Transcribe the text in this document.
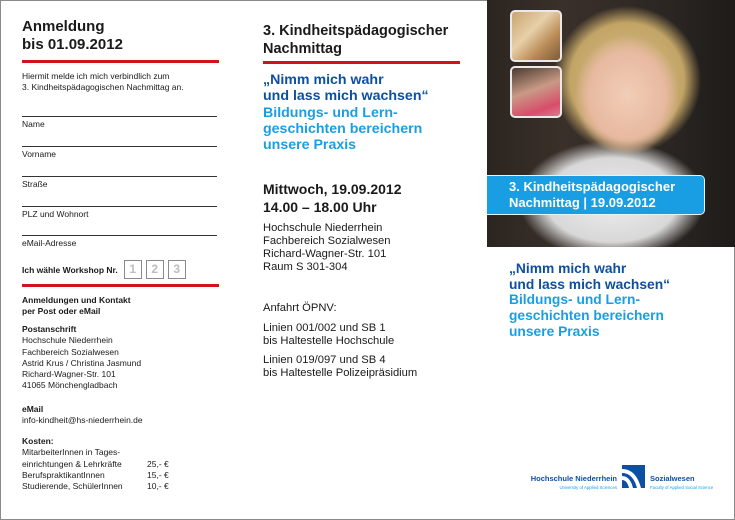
Anmeldung
bis 01.09.2012
Hiermit melde ich mich verbindlich zum
3. Kindheitspädagogischen Nachmittag an.
Name
Vorname
Straße
PLZ und Wohnort
eMail-Adresse
Ich wähle Workshop Nr. 1	2	3
Anmeldungen und Kontakt
per Post oder eMail
Postanschrift
Hochschule Niederrhein
Fachbereich Sozialwesen
Astrid Krus / Christina Jasmund
Richard-Wagner-Str. 101
41065 Mönchengladbach
eMail
info-kindheit@hs-niederrhein.de
Kosten:
MitarbeiterInnen in Tages-
einrichtungen & Lehrkräfte	25,- €
BerufspraktikantInnen	15,- €
Studierende, SchülerInnen	10,- €
3. Kindheitspädagogischer
Nachmittag
„Nimm mich wahr
und lass mich wachsen“
Bildungs- und Lern-
geschichten bereichern
unsere Praxis
Mittwoch, 19.09.2012
14.00 – 18.00 Uhr
Hochschule Niederrhein
Fachbereich Sozialwesen
Richard-Wagner-Str. 101
Raum S 301-304
Anfahrt ÖPNV:
Linien 001/002 und SB 1
bis Haltestelle Hochschule
Linien 019/097 und SB 4
bis Haltestelle Polizeipräsidium
3. Kindheitspädagogischer
Nachmittag | 19.09.2012
„Nimm mich wahr
und lass mich wachsen“
Bildungs- und Lern-
geschichten bereichern
unsere Praxis
Hochschule Niederrhein
University of Applied Sciences
Sozialwesen
Faculty of Applied Social Science
